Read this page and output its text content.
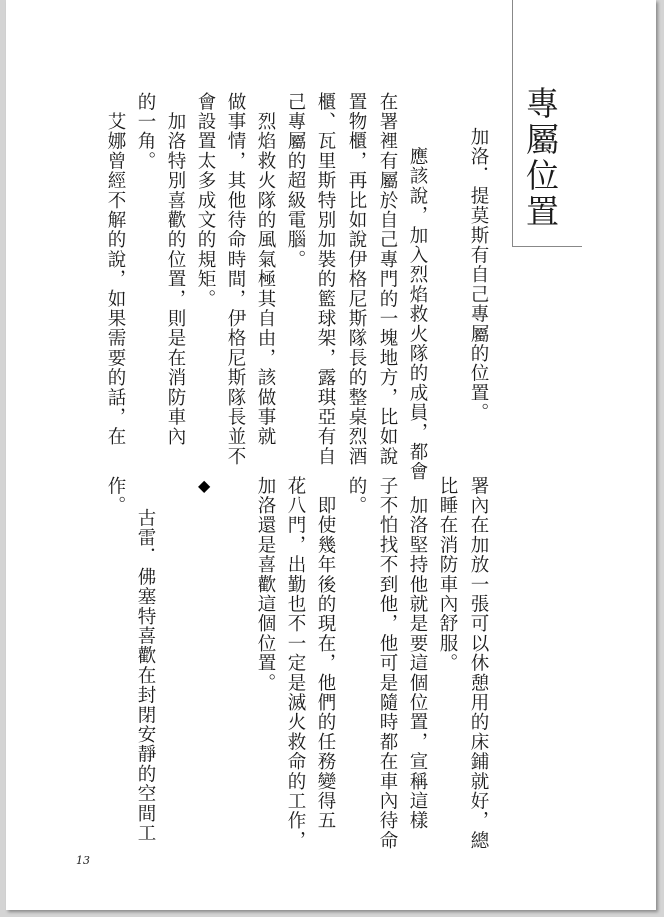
專屬位置
加洛．提莫斯有自己專屬的位置。
　應該說，加入烈焰救火隊的成員，都會
在署裡有屬於自己專門的一塊地方，比如說
置物櫃，再比如說伊格尼斯隊長的整桌烈酒
櫃、瓦里斯特別加裝的籃球架，露琪亞有自
己專屬的超級電腦。
　烈焰救火隊的風氣極其自由，該做事就
做事情，其他待命時間，伊格尼斯隊長並不
會設置太多成文的規矩。
　加洛特別喜歡的位置，則是在消防車內
的一角。
　艾娜曾經不解的說，如果需要的話，在
署內在加放一張可以休憩用的床鋪就好，總
比睡在消防車內舒服。
　加洛堅持他就是要這個位置，宣稱這樣
子不怕找不到他，他可是隨時都在車內待命
的。
　即使幾年後的現在，他們的任務變得五
花八門，出勤也不一定是滅火救命的工作，
加洛還是喜歡這個位置。
◆
古雷．佛塞特喜歡在封閉安靜的空間工
作。
13
